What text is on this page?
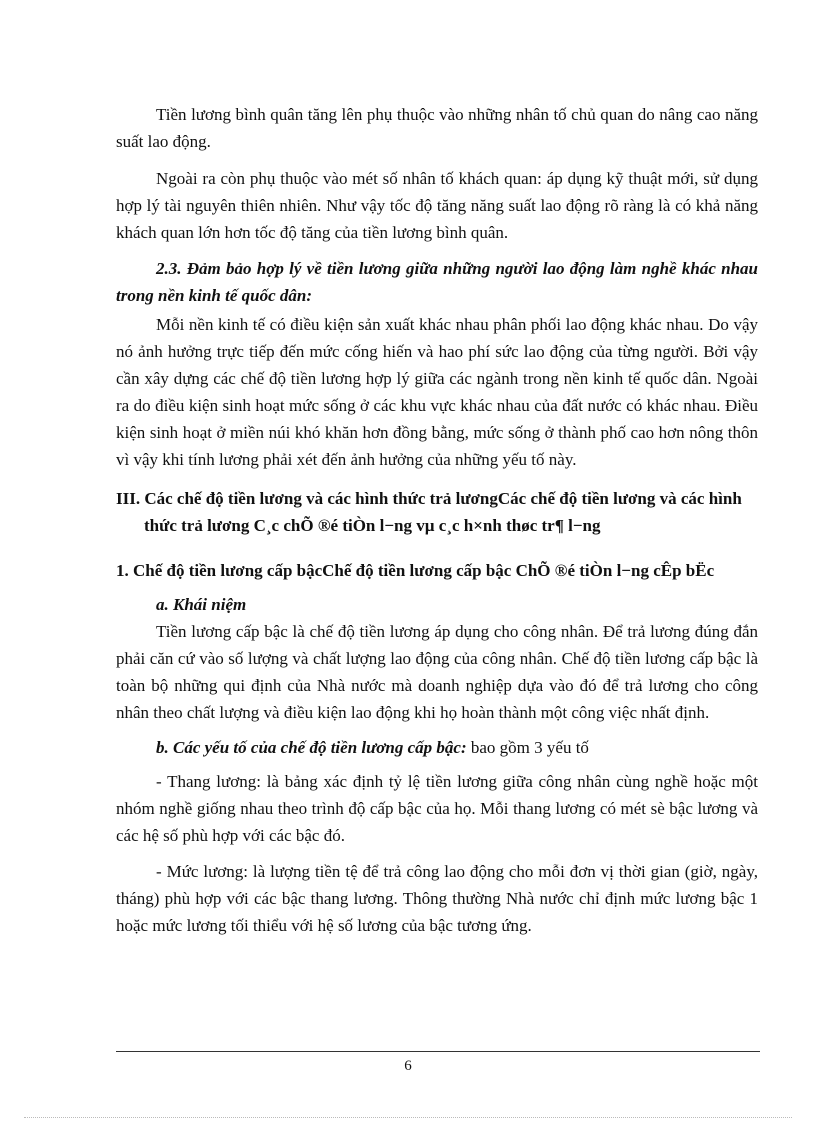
Tiền lương bình quân tăng lên phụ thuộc vào những nhân tố chủ quan do nâng cao năng suất lao động.

Ngoài ra còn phụ thuộc vào mét số nhân tố khách quan: áp dụng kỹ thuật mới, sử dụng hợp lý tài nguyên thiên nhiên. Như vậy tốc độ tăng năng suất lao động rõ ràng là có khả năng khách quan lớn hơn tốc độ tăng của tiền lương bình quân.

2.3. Đảm bảo hợp lý về tiền lương giữa những người lao động làm nghề khác nhau trong nền kinh tế quốc dân:

Mỗi nền kinh tế có điều kiện sản xuất khác nhau phân phối lao động khác nhau. Do vậy nó ảnh hưởng trực tiếp đến mức cống hiến và hao phí sức lao động của từng người. Bởi vậy cần xây dựng các chế độ tiền lương hợp lý giữa các ngành trong nền kinh tế quốc dân. Ngoài ra do điều kiện sinh hoạt mức sống ở các khu vực khác nhau của đất nước có khác nhau. Điều kiện sinh hoạt ở miền núi khó khăn hơn đồng bằng, mức sống ở thành phố cao hơn nông thôn vì vậy khi tính lương phải xét đến ảnh hưởng của những yếu tố này.

III. Các chế độ tiền lương và các hình thức trả lươngCác chế độ tiền lương và các hình thức trả lương C¸c chÕ ®é tiÒn l−ng vµ c¸c h×nh thøc tr¶ l−ng

1. Chế độ tiền lương cấp bậcChế độ tiền lương cấp bậc ChÕ ®é tiÒn l−ng cÊp bËc

a. Khái niệm

Tiền lương cấp bậc là chế độ tiền lương áp dụng cho công nhân. Để trả lương đúng đắn phải căn cứ vào số lượng và chất lượng lao động của công nhân. Chế độ tiền lương cấp bậc là toàn bộ những qui định của Nhà nước mà doanh nghiệp dựa vào đó để trả lương cho công nhân theo chất lượng và điều kiện lao động khi họ hoàn thành một công việc nhất định.

b. Các yếu tố của chế độ tiền lương cấp bậc: bao gồm 3 yếu tố

- Thang lương: là bảng xác định tỷ lệ tiền lương giữa công nhân cùng nghề hoặc một nhóm nghề giống nhau theo trình độ cấp bậc của họ. Mỗi thang lương có mét sè bậc lương và các hệ số phù hợp với các bậc đó.

- Mức lương: là lượng tiền tệ để trả công lao động cho mỗi đơn vị thời gian (giờ, ngày, tháng) phù hợp với các bậc thang lương. Thông thường Nhà nước chỉ định mức lương bậc 1 hoặc mức lương tối thiểu với hệ số lương của bậc tương ứng.

6
